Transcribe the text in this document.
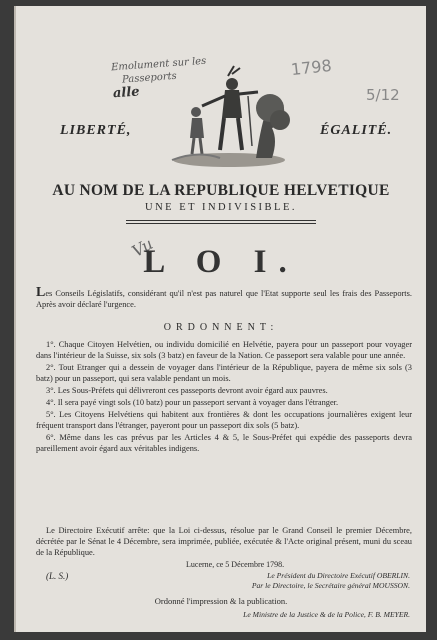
Emolument sur les
Passeports
alle
1798
5/12
LIBERTÉ,	ÉGALITÉ.
AU NOM DE LA REPUBLIQUE HELVETIQUE
UNE ET INDIVISIBLE.
Vu
L O I.
Les Conseils Législatifs, considérant qu'il n'est pas naturel que l'Etat supporte seul les frais des Passeports. Après avoir déclaré l'urgence.
ORDONNENT:

1°. Chaque Citoyen Helvétien, ou individu domicilié en Helvétie, payera pour un passeport pour voyager dans l'intérieur de la Suisse, six sols (3 batz) en faveur de la Nation. Ce passeport sera valable pour une année.

2°. Tout Etranger qui a dessein de voyager dans l'intérieur de la République, payera de même six sols (3 batz) pour un passeport, qui sera valable pendant un mois.

3°. Les Sous-Préfets qui délivreront ces passeports devront avoir égard aux pauvres.

4°. Il sera payé vingt sols (10 batz) pour un passeport servant à voyager dans l'étranger.

5°. Les Citoyens Helvétiens qui habitent aux frontières & dont les occupations journalières exigent leur fréquent transport dans l'étranger, payeront pour un passeport dix sols (5 batz).

6°. Même dans les cas prévus par les Articles 4 & 5, le Sous-Préfet qui expédie des passeports devra pareillement avoir égard aux véritables indigens.

Le Directoire Exécutif arrête: que la Loi ci-dessus, résolue par le Grand Conseil le premier Décembre, décrétée par le Sénat le 4 Décembre, sera imprimée, publiée, exécutée & l'Acte original présent, muni du sceau de la République.
Lucerne, ce 5 Décembre 1798.
(L. S.)	Le Président du Directoire Exécutif OBERLIN.
Par le Directoire, le Secrétaire général MOUSSON.
Ordonné l'impression & la publication.
Le Ministre de la Justice & de la Police, F. B. MEYER.
